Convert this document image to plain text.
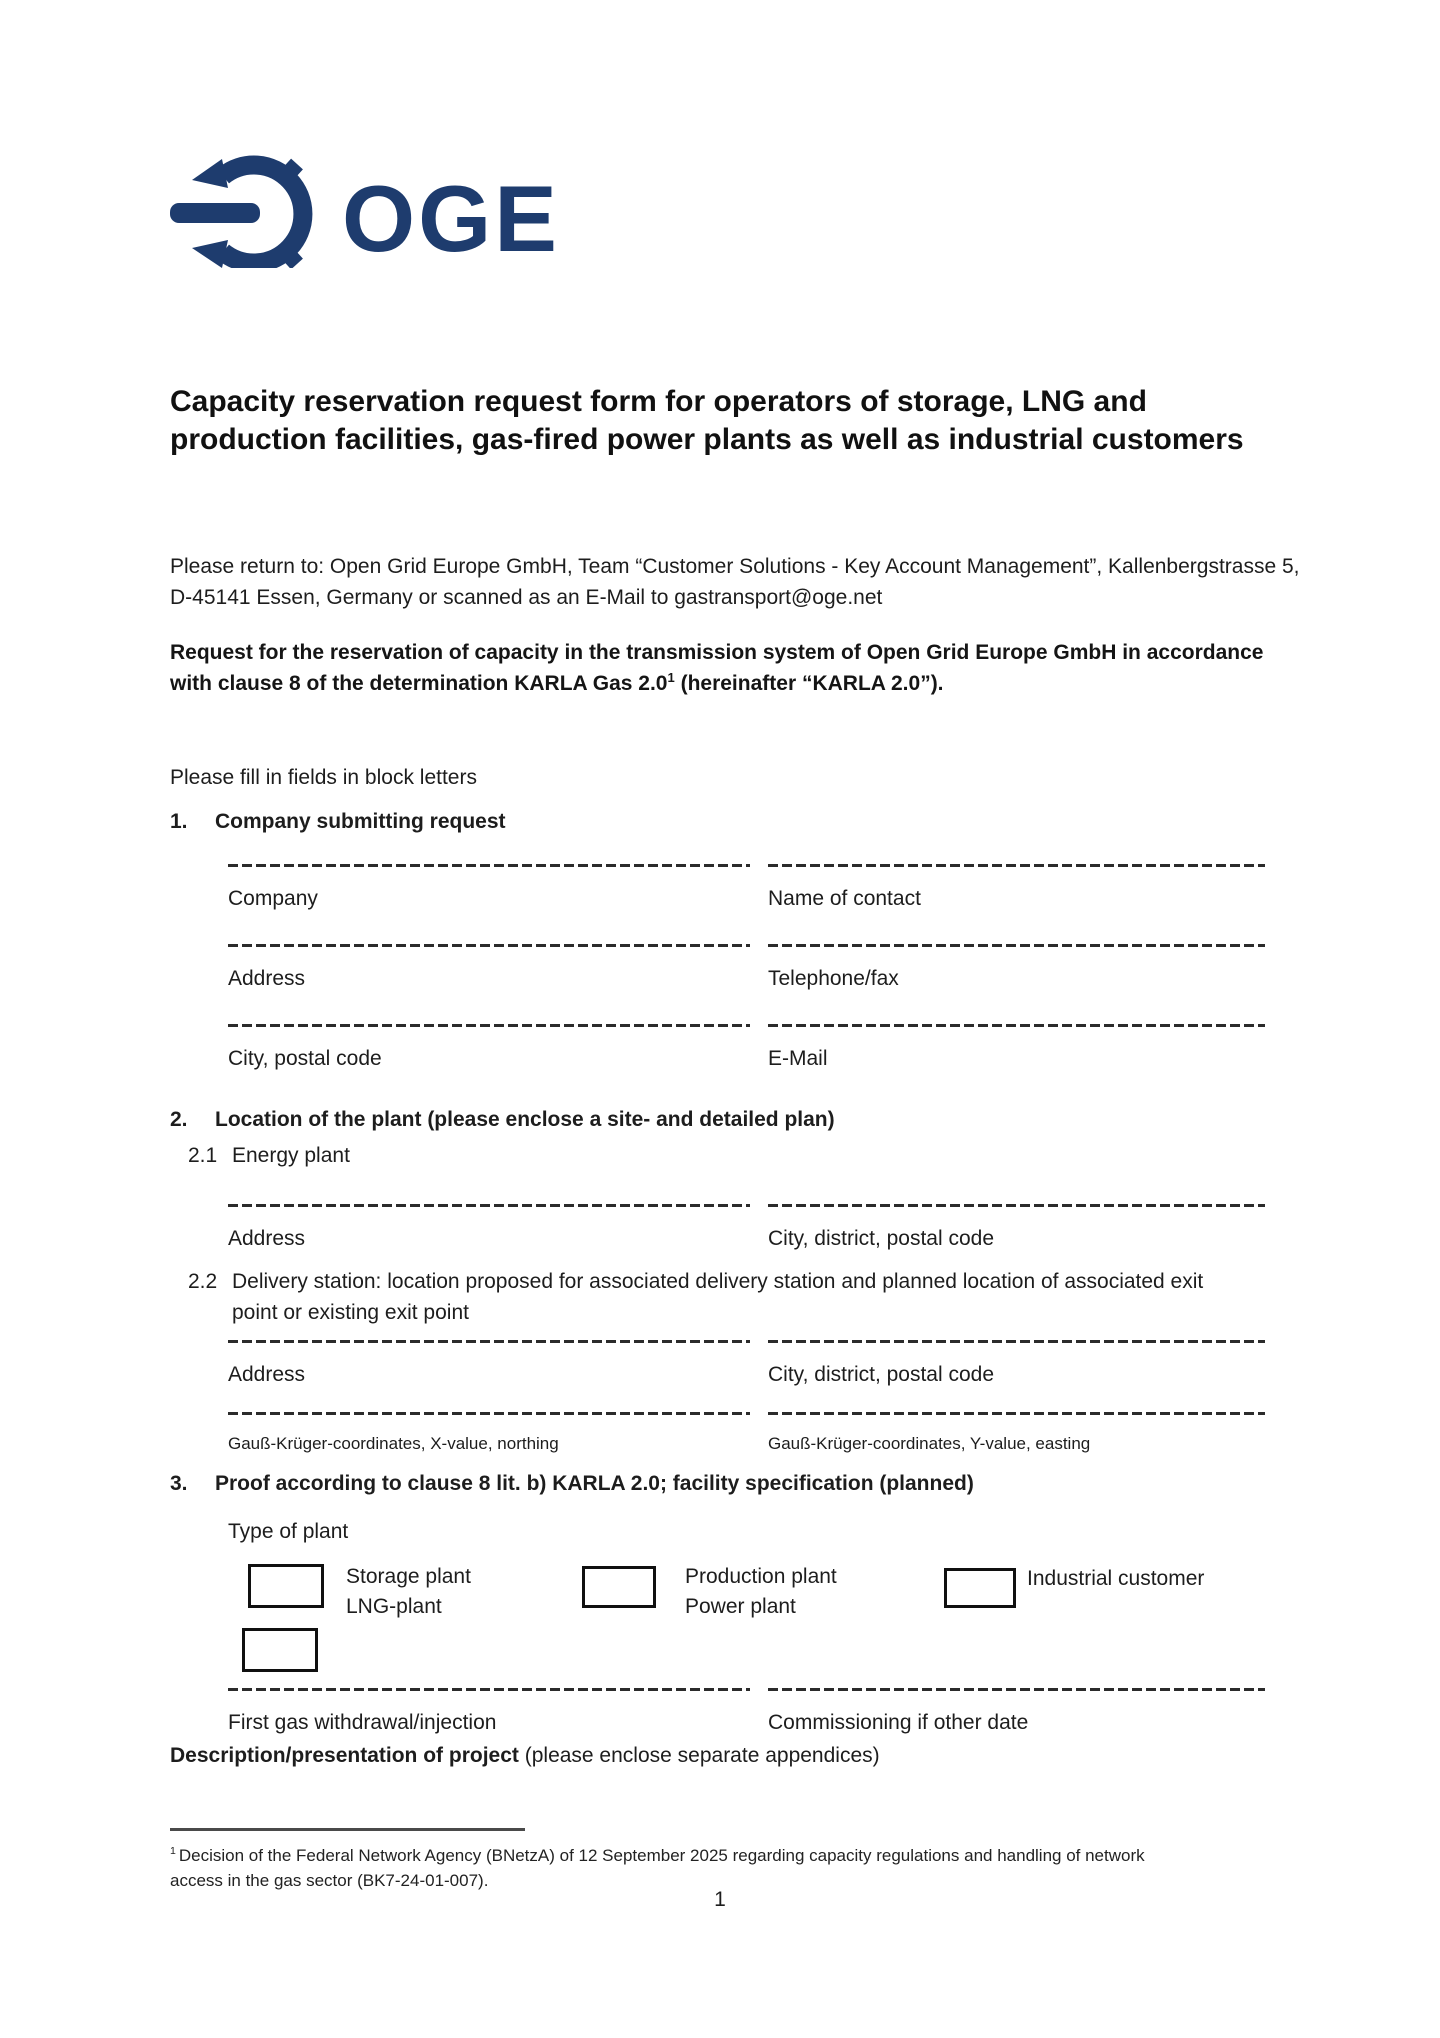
OGE
Capacity reservation request form for operators of storage, LNG and production facilities, gas-fired power plants as well as industrial customers

Please return to: Open Grid Europe GmbH, Team “Customer Solutions - Key Account Management”, Kallenbergstrasse 5, D-45141 Essen, Germany or scanned as an E-Mail to gastransport@oge.net

Request for the reservation of capacity in the transmission system of Open Grid Europe GmbH in accordance with clause 8 of the determination KARLA Gas $2.0^1$ (hereinafter “KARLA 2.0”).

Please fill in fields in block letters

1.	Company submitting request
Company	Name of contact
Address	Telephone/fax
City, postal code	E-Mail
2.	Location of the plant (please enclose a site- and detailed plan)
2.1 Energy plant
Address	City, district, postal code
2.2 Delivery station: location proposed for associated delivery station and planned location of associated exit point or existing exit point
Address	City, district, postal code
Gauß-Krüger-coordinates, X-value, northing	Gauß-Krüger-coordinates, Y-value, easting
3.	Proof according to clause 8 lit. b) KARLA 2.0; facility specification (planned)
Type of plant
Storage plant
LNG-plant
Production plant
Power plant
Industrial customer
First gas withdrawal/injection	Commissioning if other date

Description/presentation of project (please enclose separate appendices)

$^1$ Decision of the Federal Network Agency (BNetzA) of 12 September 2025 regarding capacity regulations and handling of network access in the gas sector (BK7-24-01-007).

1
